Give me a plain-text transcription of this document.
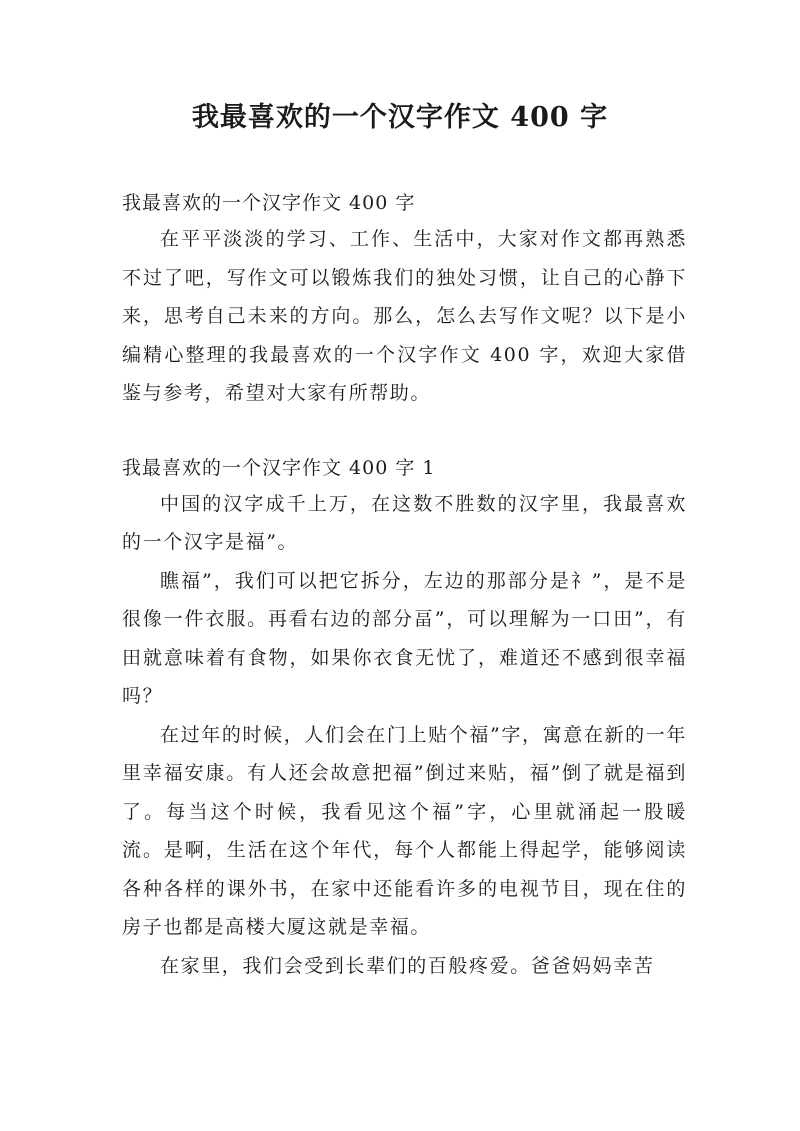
我最喜欢的一个汉字作文 400 字

我最喜欢的一个汉字作文 400 字

在平平淡淡的学习、工作、生活中，大家对作文都再熟悉不过了吧，写作文可以锻炼我们的独处习惯，让自己的心静下来，思考自己未来的方向。那么，怎么去写作文呢？以下是小编精心整理的我最喜欢的一个汉字作文 400 字，欢迎大家借鉴与参考，希望对大家有所帮助。

我最喜欢的一个汉字作文 400 字 1

中国的汉字成千上万，在这数不胜数的汉字里，我最喜欢的一个汉字是福”。

瞧福”，我们可以把它拆分，左边的那部分是礻”，是不是很像一件衣服。再看右边的部分畐”，可以理解为一口田”，有田就意味着有食物，如果你衣食无忧了，难道还不感到很幸福吗？

在过年的时候，人们会在门上贴个福”字，寓意在新的一年里幸福安康。有人还会故意把福”倒过来贴，福”倒了就是福到了。每当这个时候，我看见这个福”字，心里就涌起一股暖流。是啊，生活在这个年代，每个人都能上得起学，能够阅读各种各样的课外书，在家中还能看许多的电视节目，现在住的房子也都是高楼大厦这就是幸福。

在家里，我们会受到长辈们的百般疼爱。爸爸妈妈幸苦
